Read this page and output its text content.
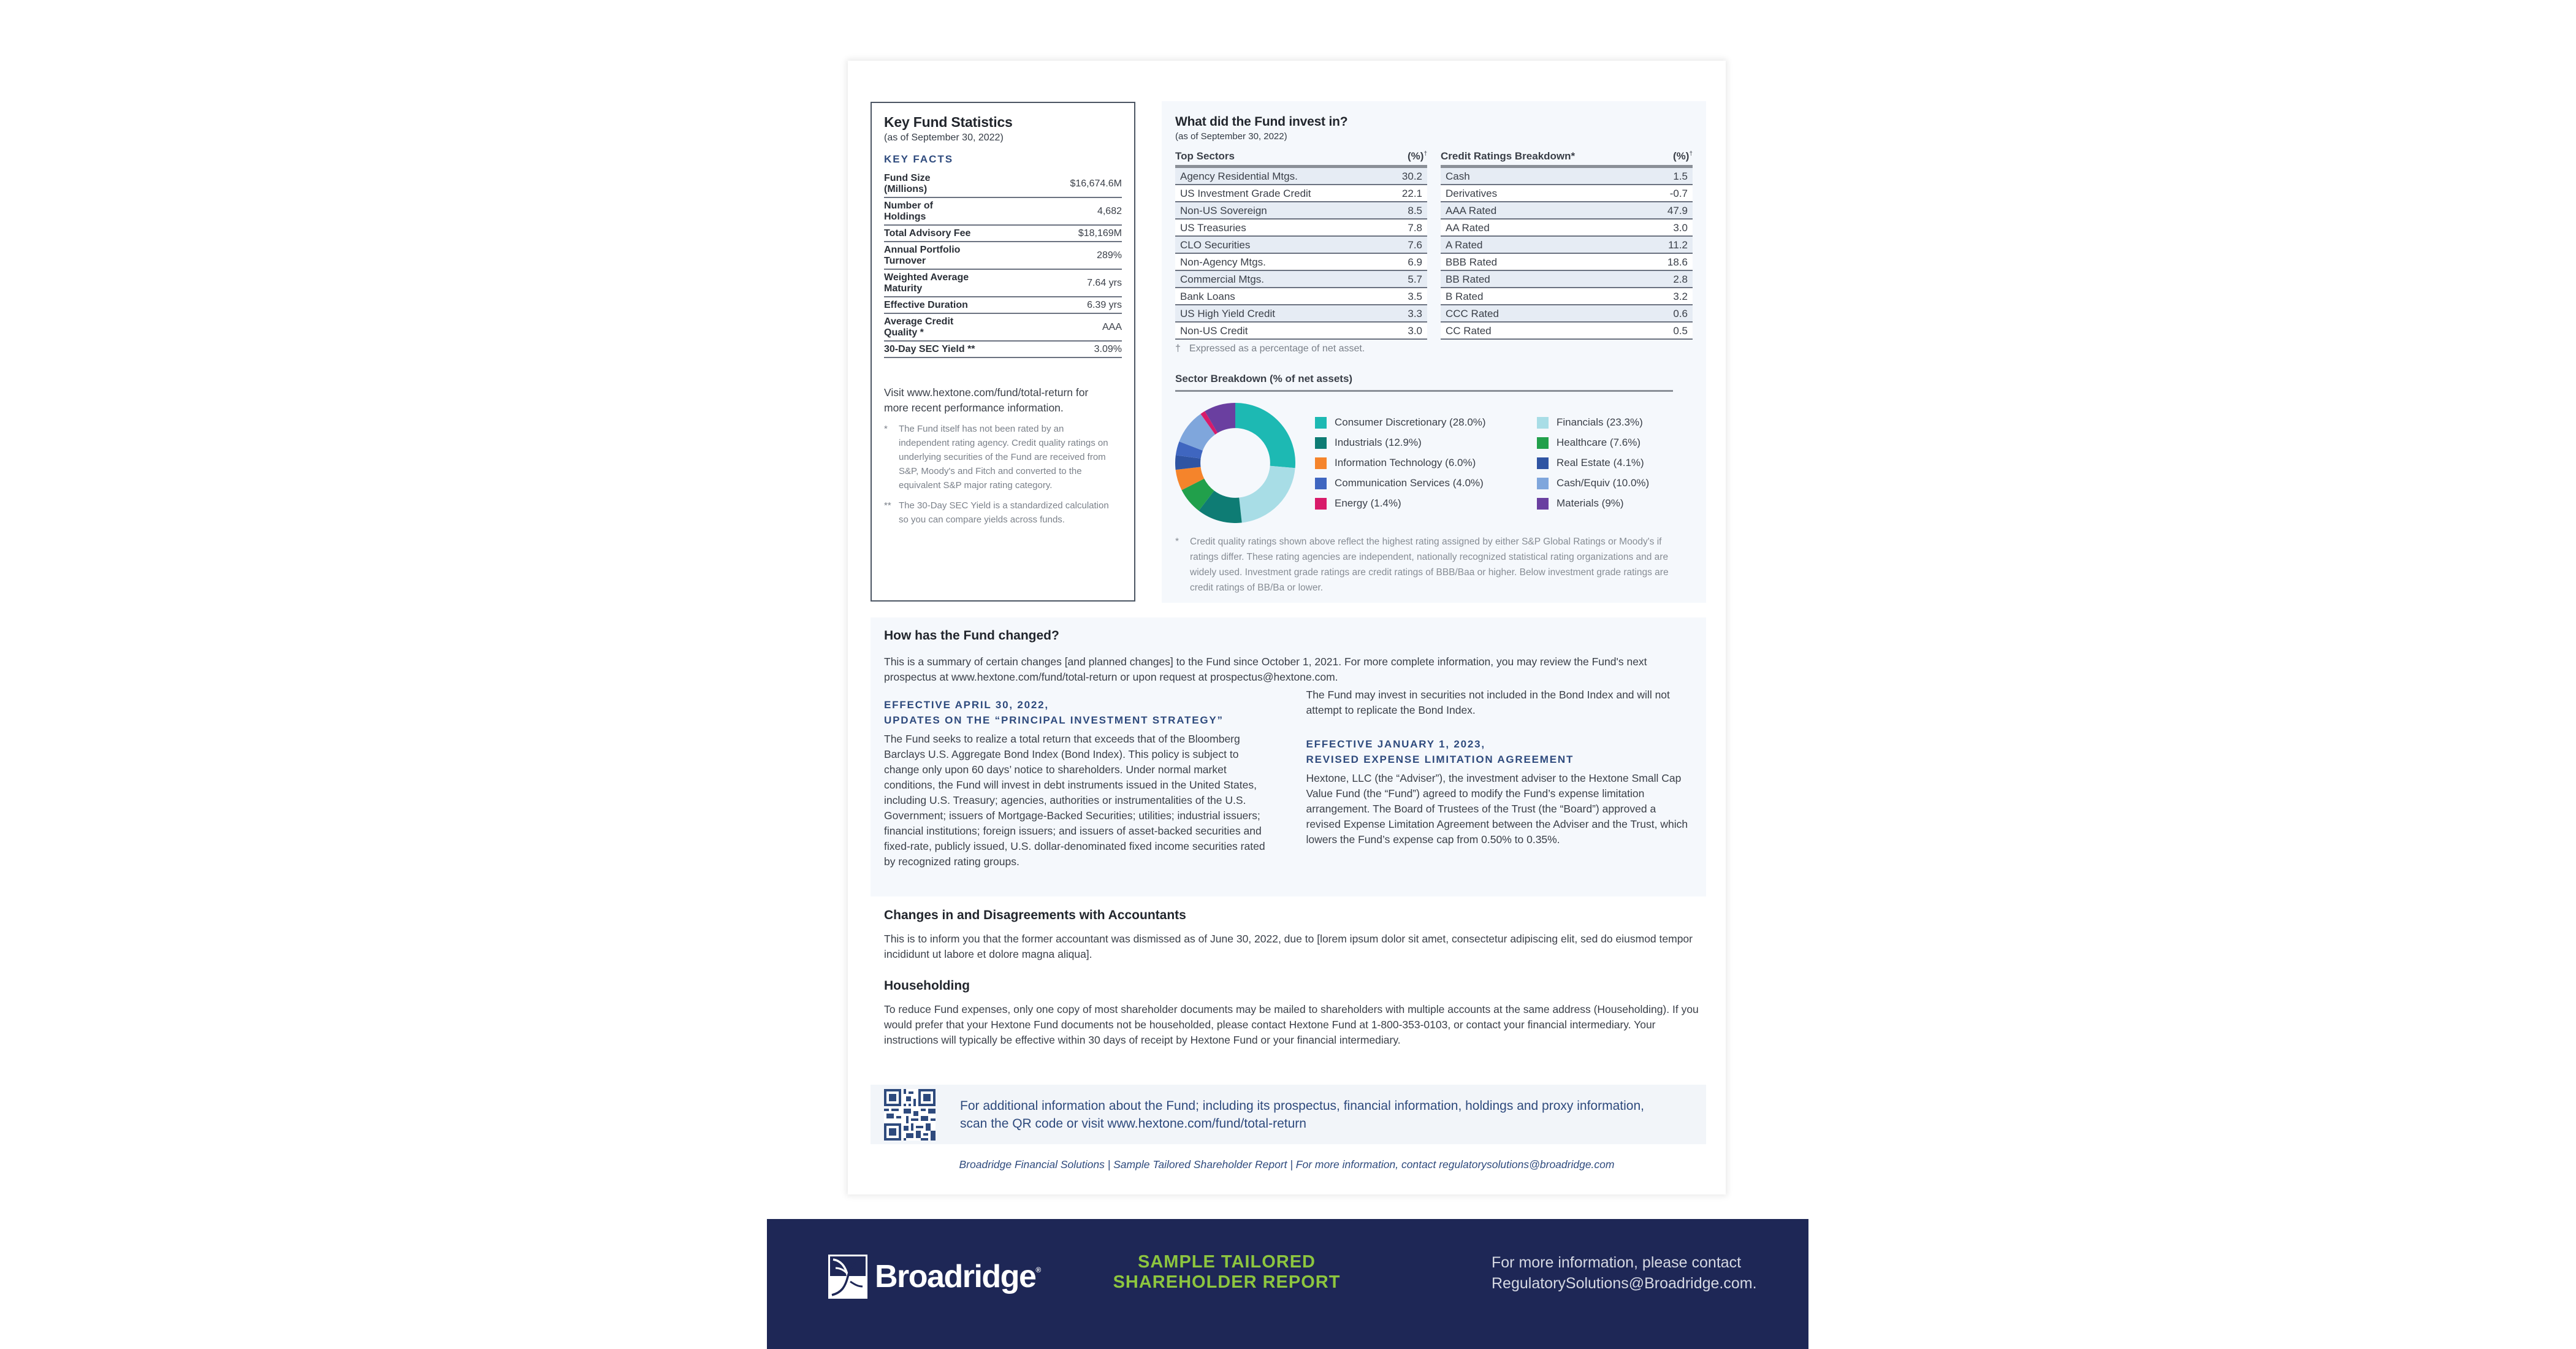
Key Fund Statistics
(as of September 30, 2022)
KEY FACTS
Fund Size (Millions)	$16,674.6M
Number of Holdings	4,682
Total Advisory Fee	$18,169M
Annual Portfolio Turnover	289%
Weighted Average Maturity	7.64 yrs
Effective Duration	6.39 yrs
Average Credit Quality *	AAA
30-Day SEC Yield **	3.09%
Visit www.hextone.com/fund/total-return for more recent performance information.
*	The Fund itself has not been rated by an independent rating agency. Credit quality ratings on underlying securities of the Fund are received from S&P, Moody's and Fitch and converted to the equivalent S&P major rating category.
** The 30-Day SEC Yield is a standardized calculation so you can compare yields across funds.
What did the Fund invest in?
(as of September 30, 2022)
Top Sectors	(%)†
Agency Residential Mtgs.	30.2
US Investment Grade Credit	22.1
Non-US Sovereign	8.5
US Treasuries	7.8
CLO Securities	7.6
Non-Agency Mtgs.	6.9
Commercial Mtgs.	5.7
Bank Loans	3.5
US High Yield Credit	3.3
Non-US Credit	3.0
† Expressed as a percentage of net asset.
Credit Ratings Breakdown*	(%)†
Cash	1.5
Derivatives	-0.7
AAA Rated	47.9
AA Rated	3.0
A Rated	11.2
BBB Rated	18.6
BB Rated	2.8
B Rated	3.2
CCC Rated	0.6
CC Rated	0.5
Sector Breakdown (% of net assets)
Consumer Discretionary (28.0%)	Financials (23.3%)
Industrials (12.9%)	Healthcare (7.6%)
Information Technology (6.0%)	Real Estate (4.1%)
Communication Services (4.0%)	Cash/Equiv (10.0%)
Energy (1.4%)	Materials (9%)
*	Credit quality ratings shown above reflect the highest rating assigned by either S&P Global Ratings or Moody's if ratings differ. These rating agencies are independent, nationally recognized statistical rating organizations and are widely used. Investment grade ratings are credit ratings of BBB/Baa or higher. Below investment grade ratings are credit ratings of BB/Ba or lower.
How has the Fund changed?
This is a summary of certain changes [and planned changes] to the Fund since October 1, 2021. For more complete information, you may review the Fund's next prospectus at www.hextone.com/fund/total-return or upon request at prospectus@hextone.com.
EFFECTIVE APRIL 30, 2022,
UPDATES ON THE “PRINCIPAL INVESTMENT STRATEGY”
The Fund seeks to realize a total return that exceeds that of the Bloomberg Barclays U.S. Aggregate Bond Index (Bond Index). This policy is subject to change only upon 60 days’ notice to shareholders. Under normal market conditions, the Fund will invest in debt instruments issued in the United States, including U.S. Treasury; agencies, authorities or instrumentalities of the U.S. Government; issuers of Mortgage-Backed Securities; utilities; industrial issuers; financial institutions; foreign issuers; and issuers of asset-backed securities and fixed-rate, publicly issued, U.S. dollar-denominated fixed income securities rated by recognized rating groups.
The Fund may invest in securities not included in the Bond Index and will not attempt to replicate the Bond Index.
EFFECTIVE JANUARY 1, 2023,
REVISED EXPENSE LIMITATION AGREEMENT
Hextone, LLC (the “Adviser”), the investment adviser to the Hextone Small Cap Value Fund (the “Fund”) agreed to modify the Fund’s expense limitation arrangement. The Board of Trustees of the Trust (the “Board”) approved a revised Expense Limitation Agreement between the Adviser and the Trust, which lowers the Fund’s expense cap from 0.50% to 0.35%.
Changes in and Disagreements with Accountants
This is to inform you that the former accountant was dismissed as of June 30, 2022, due to [lorem ipsum dolor sit amet, consectetur adipiscing elit, sed do eiusmod tempor incididunt ut labore et dolore magna aliqua].
Householding
To reduce Fund expenses, only one copy of most shareholder documents may be mailed to shareholders with multiple accounts at the same address (Householding). If you would prefer that your Hextone Fund documents not be householded, please contact Hextone Fund at 1-800-353-0103, or contact your financial intermediary. Your instructions will typically be effective within 30 days of receipt by Hextone Fund or your financial intermediary.
For additional information about the Fund; including its prospectus, financial information, holdings and proxy information, scan the QR code or visit www.hextone.com/fund/total-return
Broadridge Financial Solutions | Sample Tailored Shareholder Report | For more information, contact regulatorysolutions@broadridge.com
Broadridge®	SAMPLE TAILORED
SHAREHOLDER REPORT
For more information, please contact
RegulatorySolutions@Broadridge.com.
